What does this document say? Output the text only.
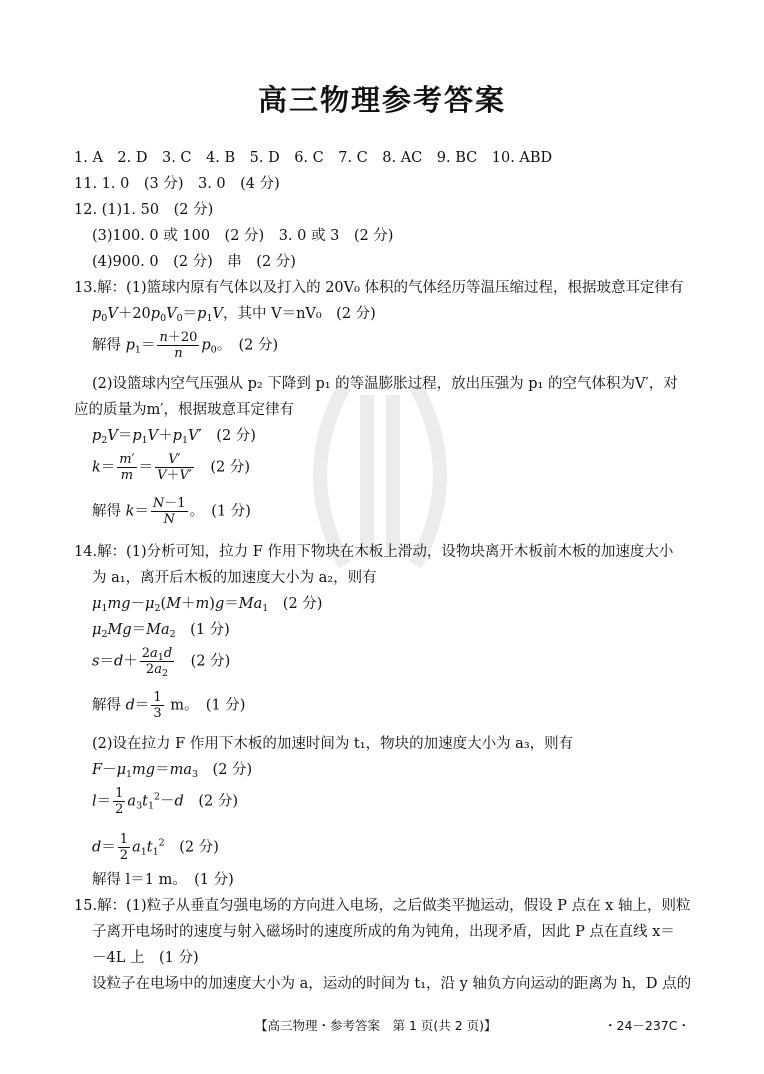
高三物理参考答案
1. A　2. D　3. C　4. B　5. D　6. C　7. C　8. AC　9. BC　10. ABD
11. 1. 0　(3 分)　3. 0　(4 分)
12. (1)1. 50　(2 分)
(3)100. 0 或 100　(2 分)　3. 0 或 3　(2 分)
(4)900. 0　(2 分)　串　(2 分)
13.解：(1)篮球内原有气体以及打入的 20V₀ 体积的气体经历等温压缩过程，根据玻意耳定律有
$p_0V+20p_0V_0=p_1V$，其中 V＝nV₀　(2 分)
解得 $p_1= \frac{n+20}{n} p_0$。　(2 分)
(2)设篮球内空气压强从 p₂ 下降到 p₁ 的等温膨胀过程，放出压强为 p₁ 的空气体积为V′，对
应的质量为m′，根据玻意耳定律有
$p_2V=p_1V+p_1V'$　(2 分)
$k= \frac{m'}{m} = \frac{V'}{V+V'}$ 　(2 分)
解得 $k= \frac{N-1}{N}$ 。　(1 分)
14.解：(1)分析可知，拉力 F 作用下物块在木板上滑动，设物块离开木板前木板的加速度大小
为 a₁，离开后木板的加速度大小为 a₂，则有
$\mu_1mg-\mu_2(M+m)g=Ma_1$　(2 分)
$\mu_2Mg=Ma_2$　(1 分)
$s=d+ \frac{2a_1d}{2a_2}$ 　(2 分)
解得 $d= \frac{1}{3}$ m。　(1 分)
(2)设在拉力 F 作用下木板的加速时间为 t₁，物块的加速度大小为 a₃，则有
$F-\mu_1mg=ma_3$　(2 分)
$l= \frac{1}{2} a_3t_1^2-d$　(2 分)
$d= \frac{1}{2} a_1t_1^2$　(2 分)
解得 l＝1 m。　(1 分)
15.解：(1)粒子从垂直匀强电场的方向进入电场，之后做类平抛运动，假设 P 点在 x 轴上，则粒
子离开电场时的速度与射入磁场时的速度所成的角为钝角，出现矛盾，因此 P 点在直线 x＝
－4L 上　(1 分)
设粒子在电场中的加速度大小为 a，运动的时间为 t₁，沿 y 轴负方向运动的距离为 h，D 点的
【高三物理・参考答案　第 1 页(共 2 页)】	・24－237C・
